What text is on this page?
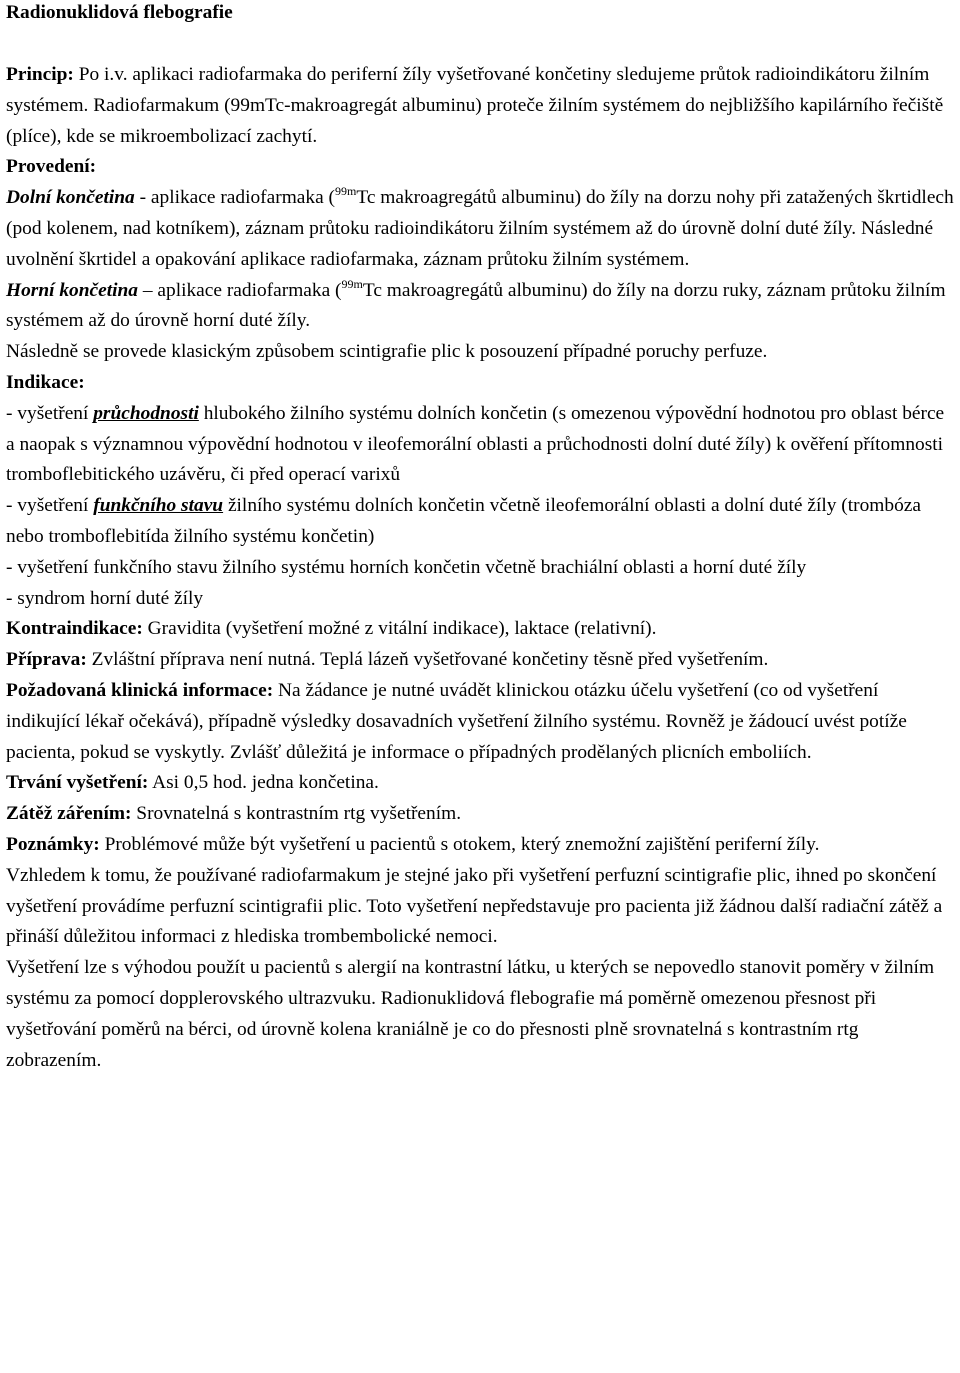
Radionuklidová flebografie

Princip: Po i.v. aplikaci radiofarmaka do periferní žíly vyšetřované končetiny sledujeme průtok radioindikátoru žilním systémem. Radiofarmakum (99mTc-makroagregát albuminu) proteče žilním systémem do nejbližšího kapilárního řečiště (plíce), kde se mikroembolizací zachytí.

Provedení:

Dolní končetina - aplikace radiofarmaka ($^{99m}$Tc makroagregátů albuminu) do žíly na dorzu nohy při zatažených škrtidlech (pod kolenem, nad kotníkem), záznam průtoku radioindikátoru žilním systémem až do úrovně dolní duté žíly. Následné uvolnění škrtidel a opakování aplikace radiofarmaka, záznam průtoku žilním systémem.

Horní končetina – aplikace radiofarmaka ($^{99m}$Tc makroagregátů albuminu) do žíly na dorzu ruky, záznam průtoku žilním systémem až do úrovně horní duté žíly.

Následně se provede klasickým způsobem scintigrafie plic k posouzení případné poruchy perfuze.

Indikace:

- vyšetření průchodnosti hlubokého žilního systému dolních končetin (s omezenou výpovědní hodnotou pro oblast bérce a naopak s významnou výpovědní hodnotou v ileofemorální oblasti a průchodnosti dolní duté žíly) k ověření přítomnosti tromboflebitického uzávěru, či před operací varixů

- vyšetření funkčního stavu žilního systému dolních končetin včetně ileofemorální oblasti a dolní duté žíly (trombóza nebo tromboflebitída žilního systému končetin)

- vyšetření funkčního stavu žilního systému horních končetin včetně brachiální oblasti a horní duté žíly

- syndrom horní duté žíly

Kontraindikace: Gravidita (vyšetření možné z vitální indikace), laktace (relativní).

Příprava: Zvláštní příprava není nutná. Teplá lázeň vyšetřované končetiny těsně před vyšetřením.

Požadovaná klinická informace: Na žádance je nutné uvádět klinickou otázku účelu vyšetření (co od vyšetření indikující lékař očekává), případně výsledky dosavadních vyšetření žilního systému. Rovněž je žádoucí uvést potíže pacienta, pokud se vyskytly. Zvlášť důležitá je informace o případných prodělaných plicních emboliích.

Trvání vyšetření: Asi 0,5 hod. jedna končetina.

Zátěž zářením: Srovnatelná s kontrastním rtg vyšetřením.

Poznámky: Problémové může být vyšetření u pacientů s otokem, který znemožní zajištění periferní žíly.

Vzhledem k tomu, že používané radiofarmakum je stejné jako při vyšetření perfuzní scintigrafie plic, ihned po skončení vyšetření provádíme perfuzní scintigrafii plic. Toto vyšetření nepředstavuje pro pacienta již žádnou další radiační zátěž a přináší důležitou informaci z hlediska trombembolické nemoci.

Vyšetření lze s výhodou použít u pacientů s alergií na kontrastní látku, u kterých se nepovedlo stanovit poměry v žilním systému za pomocí dopplerovského ultrazvuku. Radionuklidová flebografie má poměrně omezenou přesnost při vyšetřování poměrů na bérci, od úrovně kolena kraniálně je co do přesnosti plně srovnatelná s kontrastním rtg zobrazením.
